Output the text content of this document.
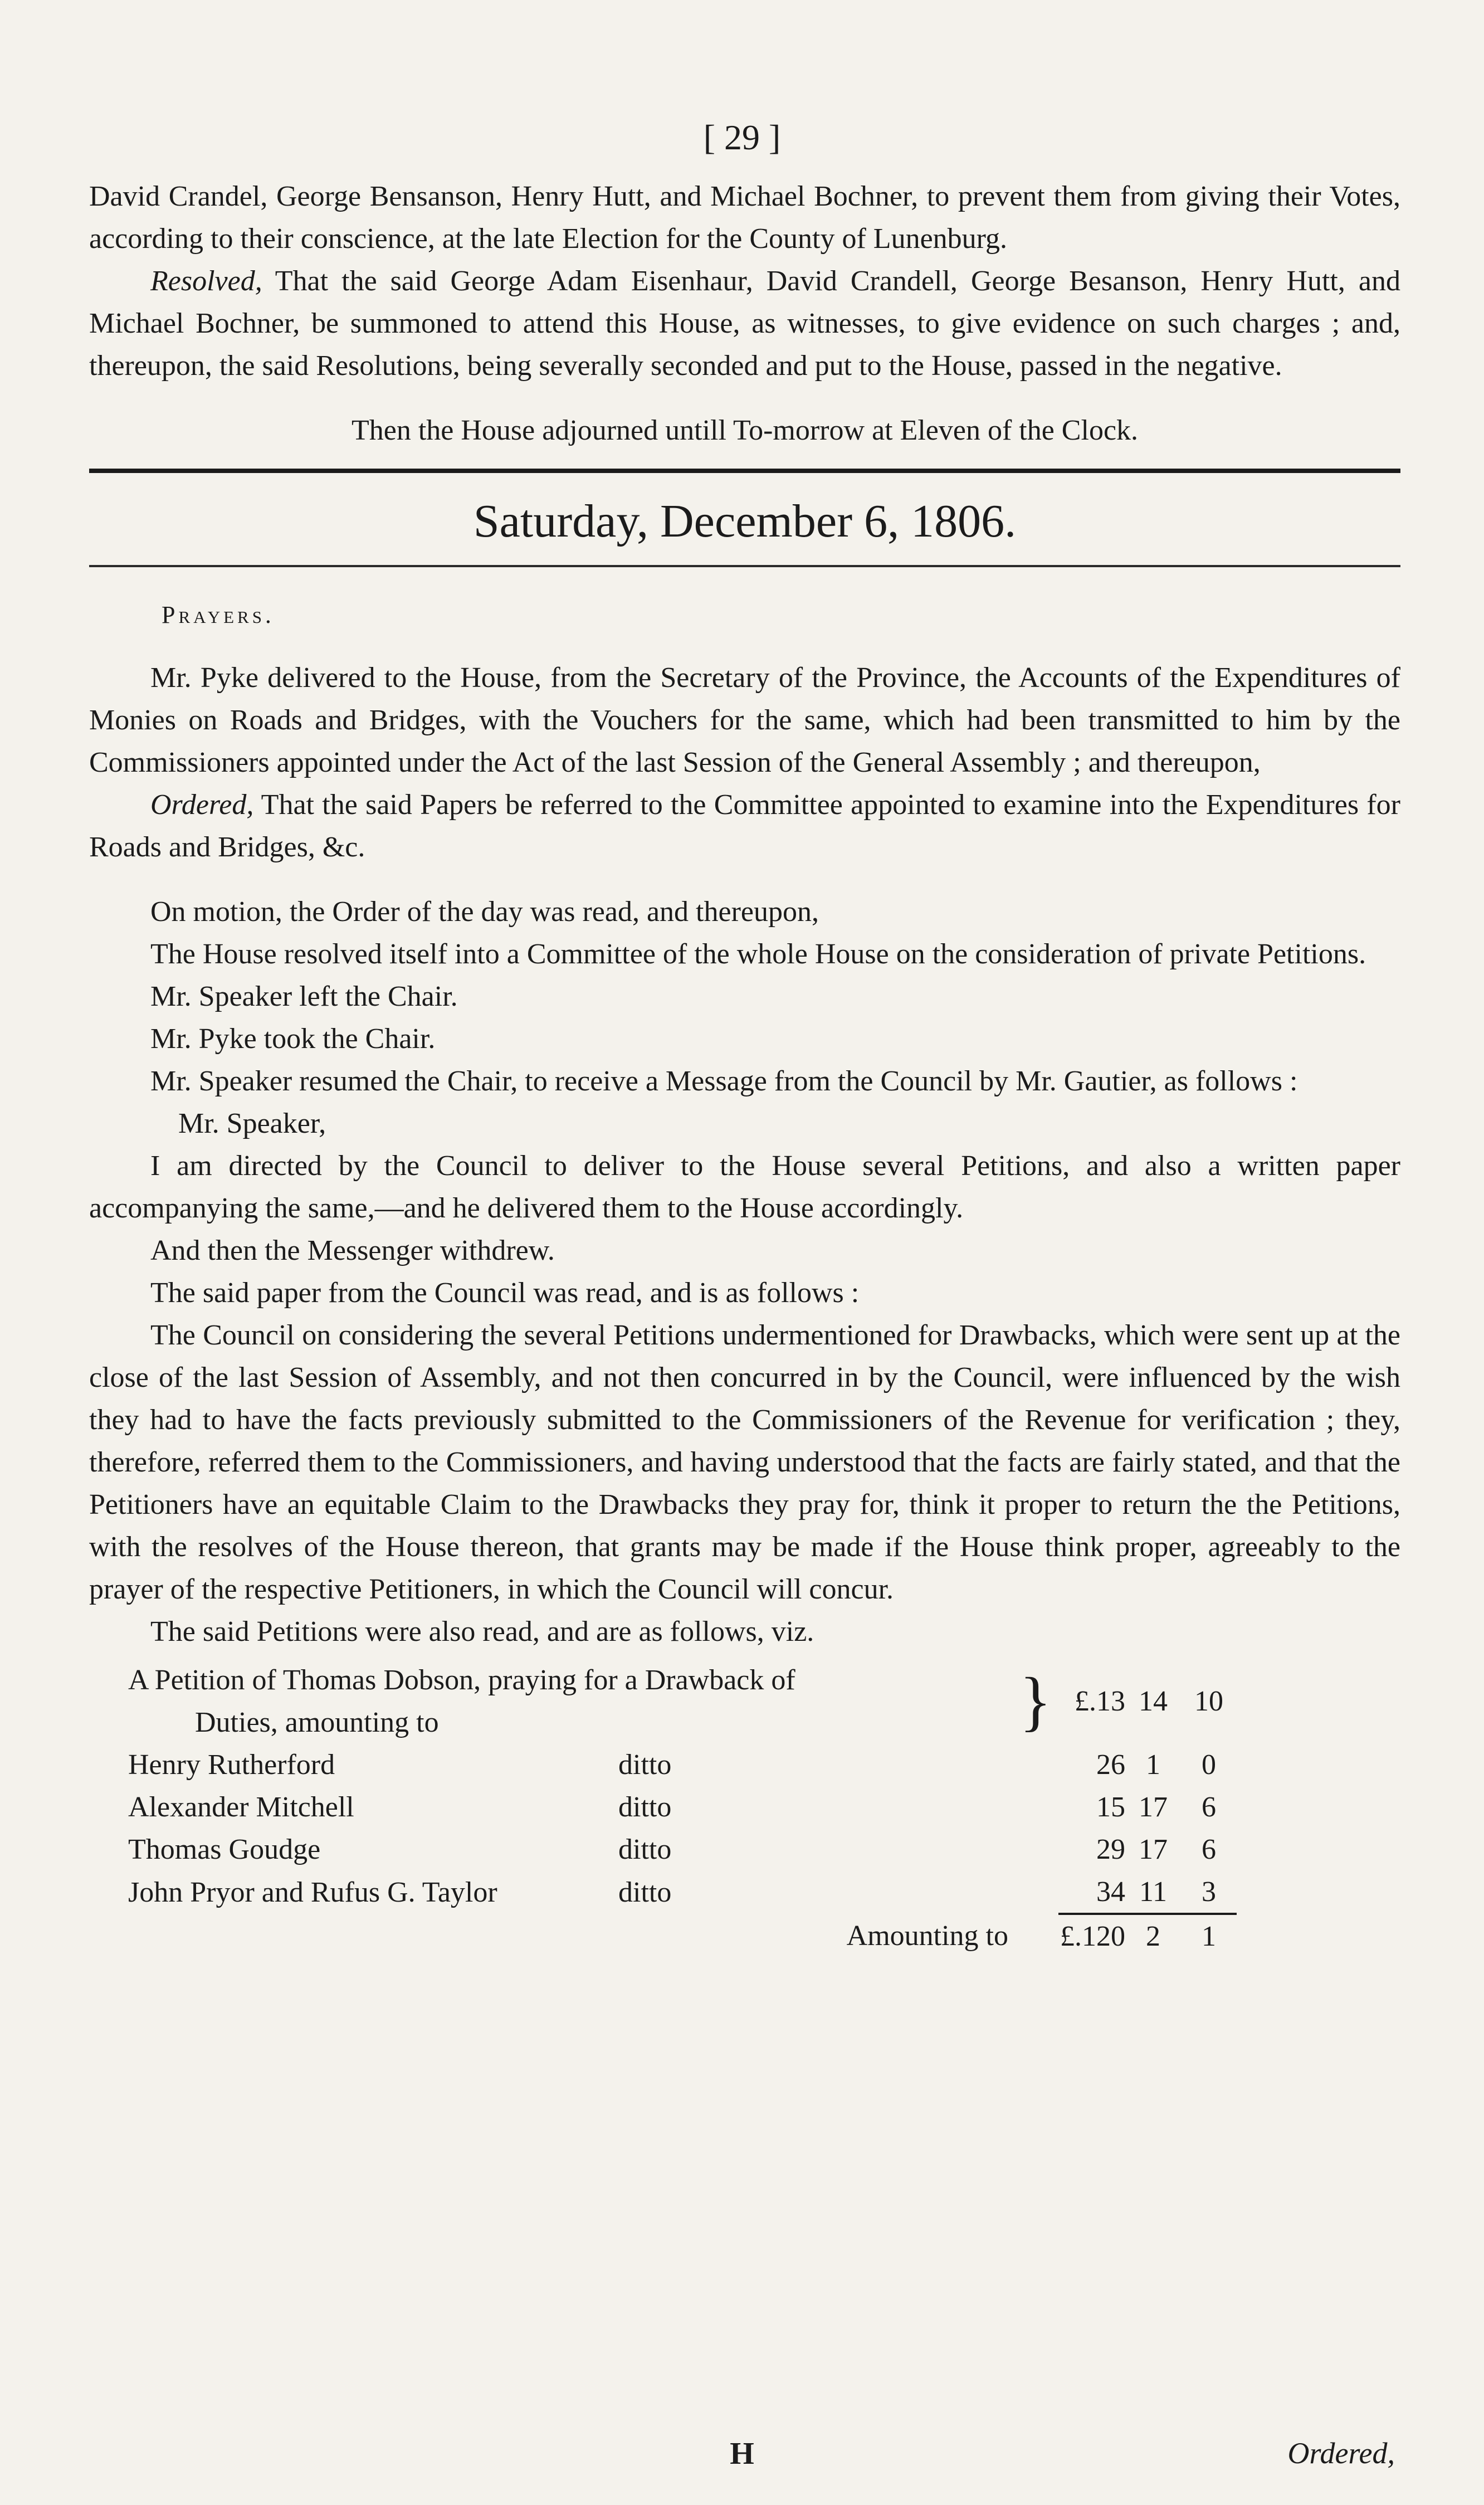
[ 29 ]

David Crandel, George Bensanson, Henry Hutt, and Michael Bochner, to prevent them from giving their Votes, according to their conscience, at the late Election for the County of Lunenburg.

Resolved, That the said George Adam Eisenhaur, David Crandell, George Besanson, Henry Hutt, and Michael Bochner, be summoned to attend this House, as witnesses, to give evidence on such charges ; and, thereupon, the said Resolutions, being severally seconded and put to the House, passed in the negative.

Then the House adjourned untill To-morrow at Eleven of the Clock.

Saturday, December 6, 1806.
Prayers.

Mr. Pyke delivered to the House, from the Secretary of the Province, the Accounts of the Expenditures of Monies on Roads and Bridges, with the Vouchers for the same, which had been transmitted to him by the Commissioners appointed under the Act of the last Session of the General Assembly ; and thereupon,

Ordered, That the said Papers be referred to the Committee appointed to examine into the Expenditures for Roads and Bridges, &c.

On motion, the Order of the day was read, and thereupon,

The House resolved itself into a Committee of the whole House on the consideration of private Petitions.

Mr. Speaker left the Chair.

Mr. Pyke took the Chair.

Mr. Speaker resumed the Chair, to receive a Message from the Council by Mr. Gautier, as follows :

Mr. Speaker,

I am directed by the Council to deliver to the House several Petitions, and also a written paper accompanying the same,—and he delivered them to the House accordingly.

And then the Messenger withdrew.

The said paper from the Council was read, and is as follows :

The Council on considering the several Petitions undermentioned for Drawbacks, which were sent up at the close of the last Session of Assembly, and not then concurred in by the Council, were influenced by the wish they had to have the facts previously submitted to the Commissioners of the Revenue for verification ; they, therefore, referred them to the Commissioners, and having understood that the facts are fairly stated, and that the Petitioners have an equitable Claim to the Drawbacks they pray for, think it proper to return the the Petitions, with the resolves of the House thereon, that grants may be made if the House think proper, agreeably to the prayer of the respective Petitioners, in which the Council will concur.

The said Petitions were also read, and are as follows, viz.

A Petition of Thomas Dobson, praying for a Drawback of		}	£.13	14	10
Duties, amounting to					
Henry Rutherford	ditto		26	1	0
Alexander Mitchell	ditto		15	17	6
Thomas Goudge	ditto		29	17	6
John Pryor and Rufus G. Taylor	ditto		34	11	3
	Amounting to		£.120	2	1
H	Ordered,
